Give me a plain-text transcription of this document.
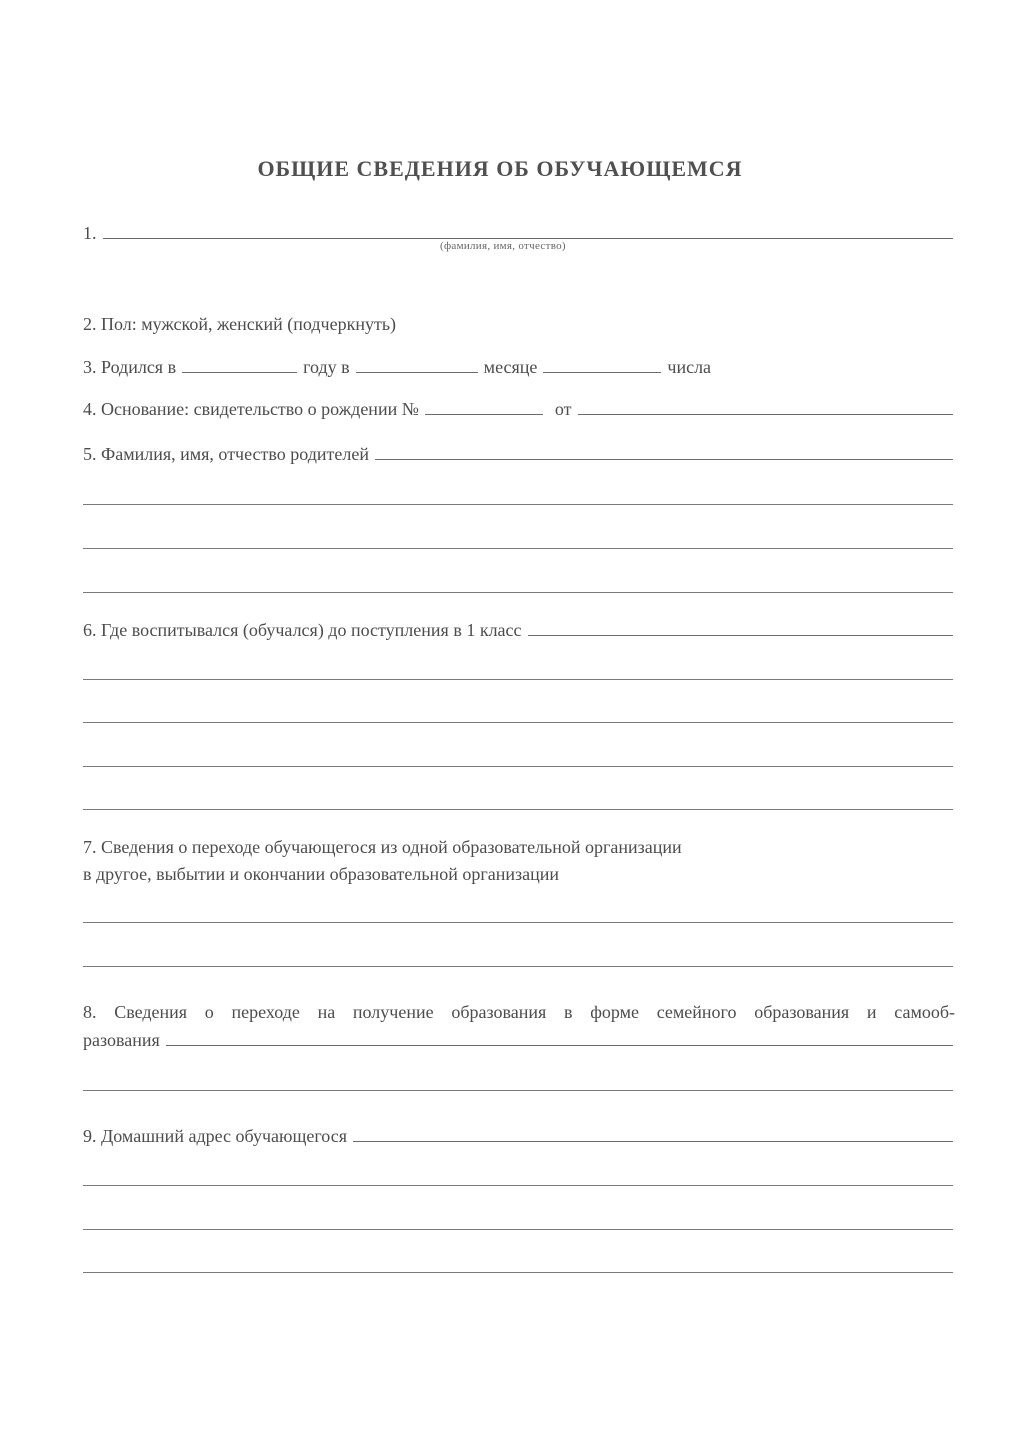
ОБЩИЕ СВЕДЕНИЯ ОБ ОБУЧАЮЩЕМСЯ
1.
(фамилия, имя, отчество)
2. Пол: мужской, женский (подчеркнуть)
3. Родился в	году в	месяце	числа
4. Основание: свидетельство о рождении №	от
5. Фамилия, имя, отчество родителей
6. Где воспитывался (обучался) до поступления в 1 класс
7. Сведения о переходе обучающегося из одной образовательной организации
в другое, выбытии и окончании образовательной организации
8. Сведения о переходе на получение образования в форме семейного образования и самооб-
разования
9. Домашний адрес обучающегося
